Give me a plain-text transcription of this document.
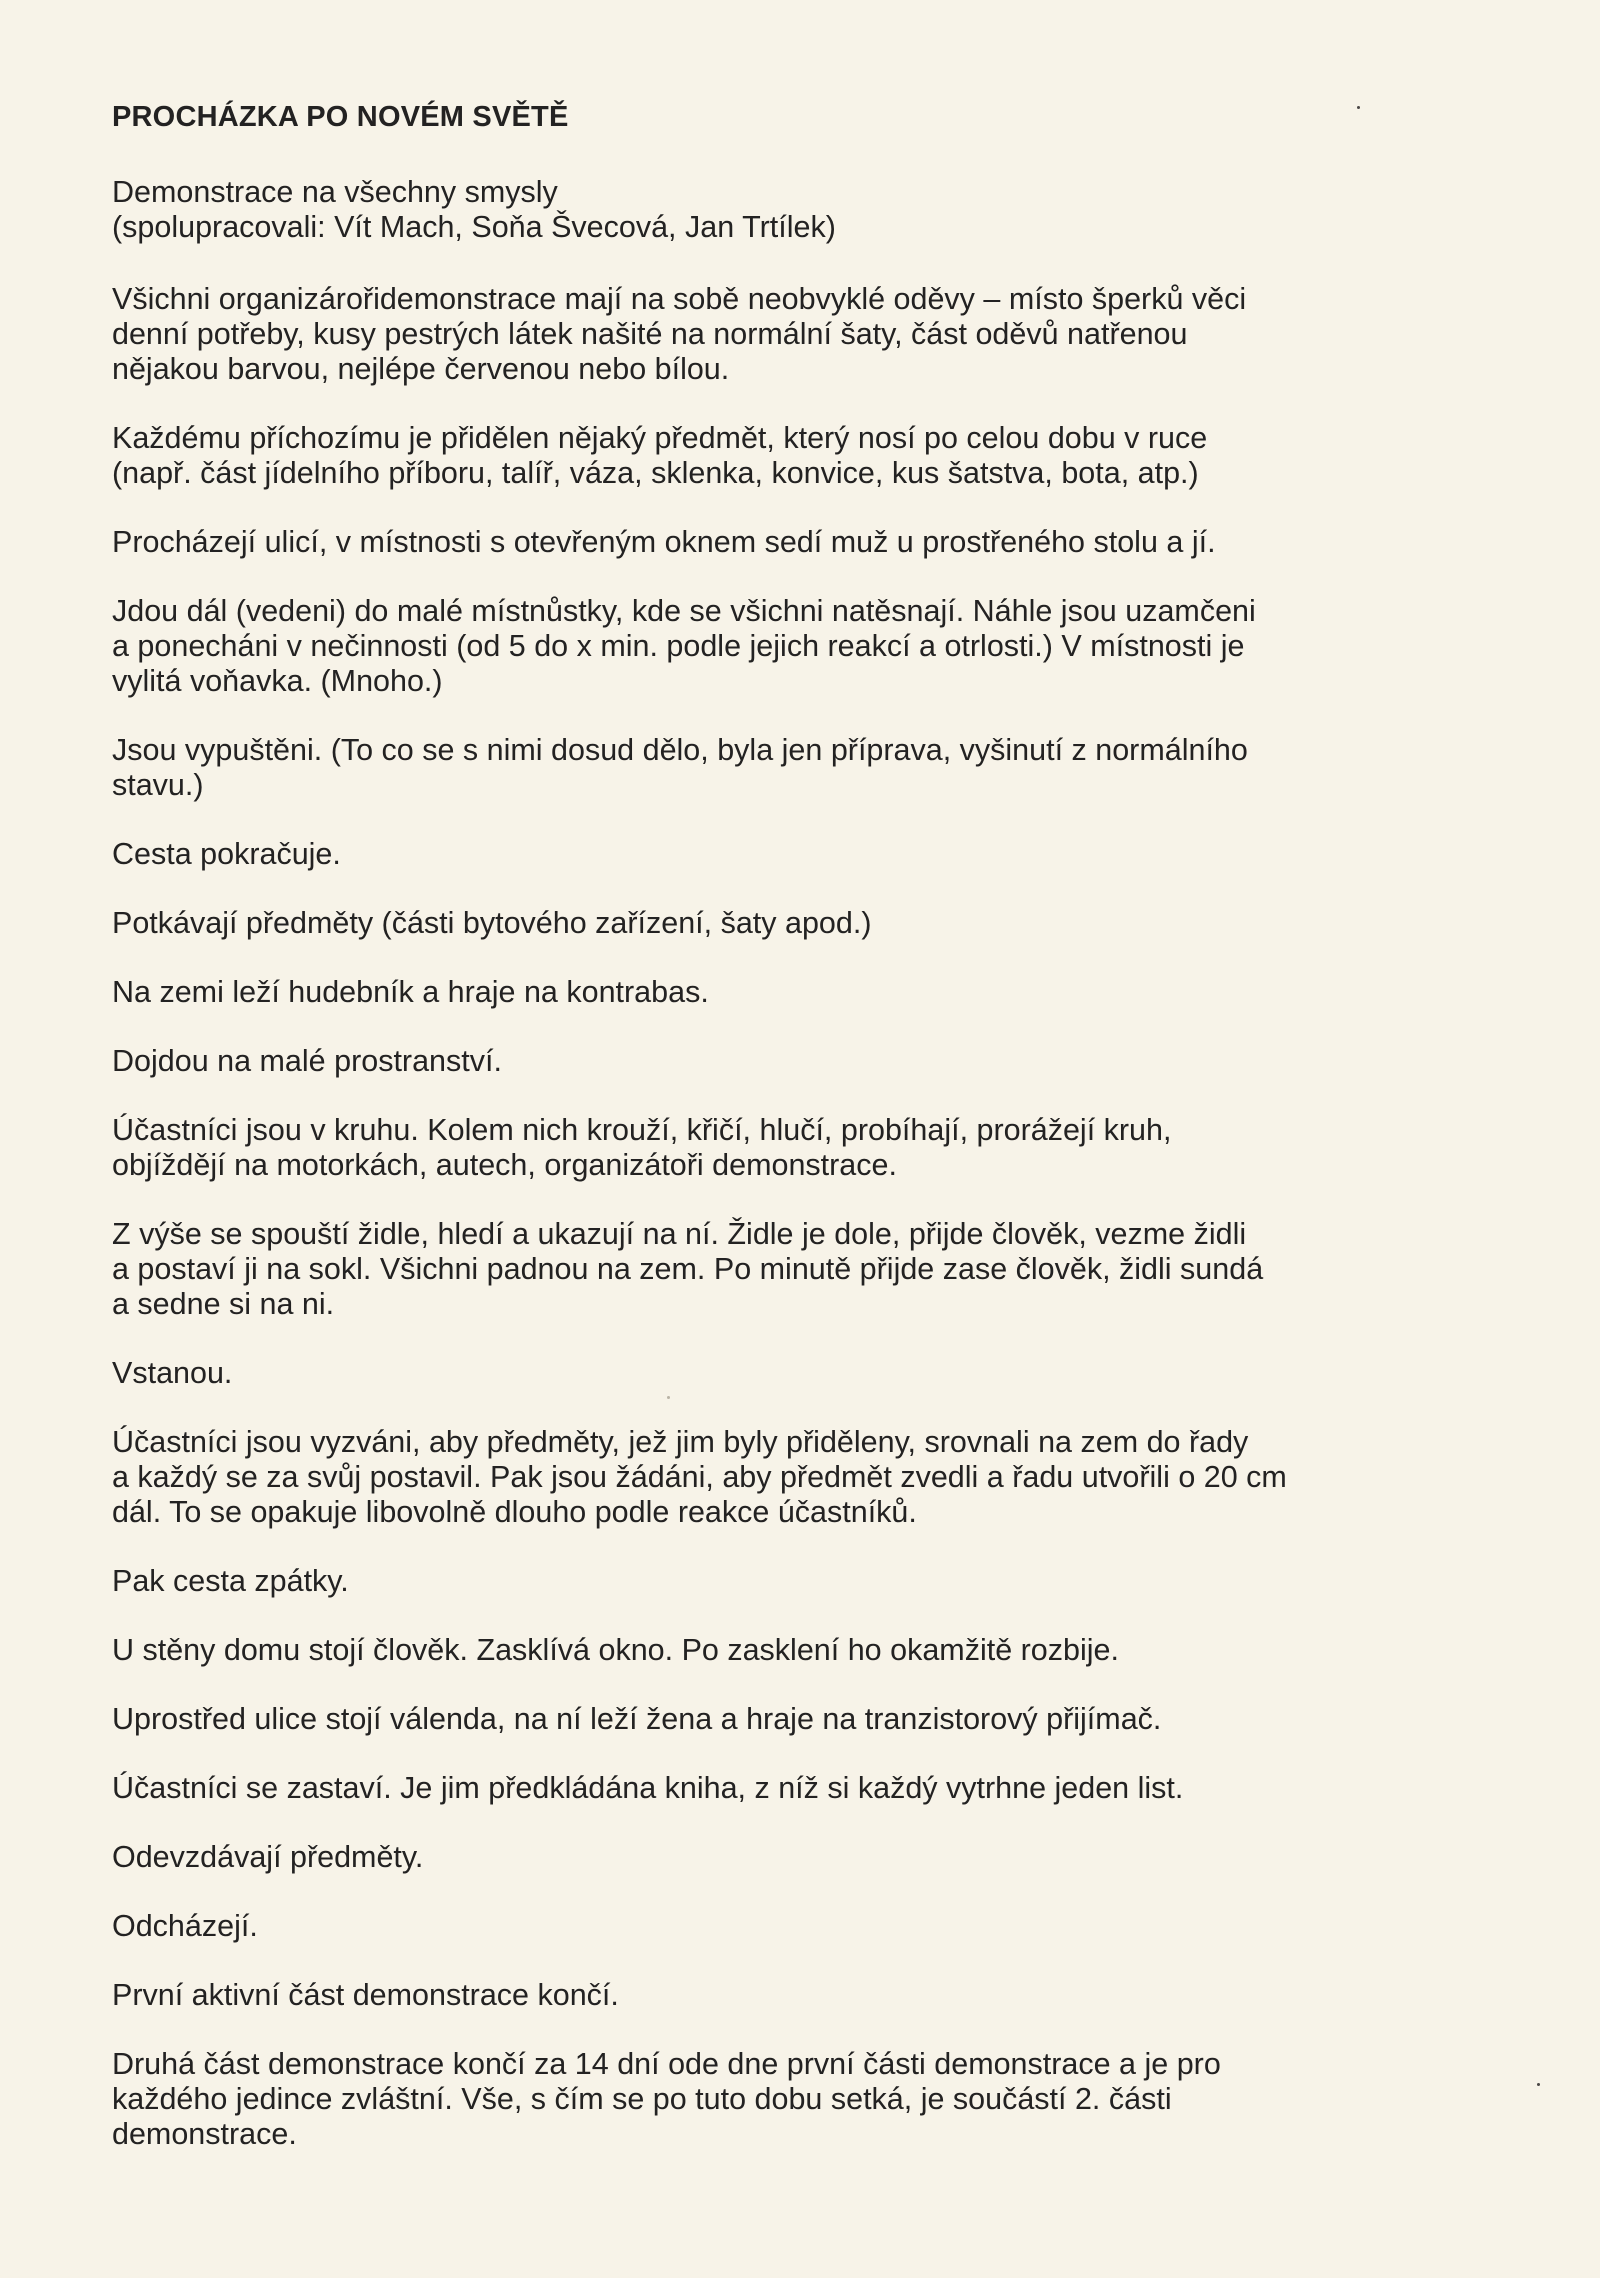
PROCHÁZKA PO NOVÉM SVĚTĚ
Demonstrace na všechny smysly
(spolupracovali: Vít Mach, Soňa Švecová, Jan Trtílek)
Všichni organizárořidemonstrace mají na sobě neobvyklé oděvy – místo šperků věci
denní potřeby, kusy pestrých látek našité na normální šaty, část oděvů natřenou
nějakou barvou, nejlépe červenou nebo bílou.
Každému příchozímu je přidělen nějaký předmět, který nosí po celou dobu v ruce
(např. část jídelního příboru, talíř, váza, sklenka, konvice, kus šatstva, bota, atp.)
Procházejí ulicí, v místnosti s otevřeným oknem sedí muž u prostřeného stolu a jí.
Jdou dál (vedeni) do malé místnůstky, kde se všichni natěsnají. Náhle jsou uzamčeni
a ponecháni v nečinnosti (od 5 do x min. podle jejich reakcí a otrlosti.) V místnosti je
vylitá voňavka. (Mnoho.)
Jsou vypuštěni. (To co se s nimi dosud dělo, byla jen příprava, vyšinutí z normálního
stavu.)
Cesta pokračuje.
Potkávají předměty (části bytového zařízení, šaty apod.)
Na zemi leží hudebník a hraje na kontrabas.
Dojdou na malé prostranství.
Účastníci jsou v kruhu. Kolem nich krouží, křičí, hlučí, probíhají, prorážejí kruh,
objíždějí na motorkách, autech, organizátoři demonstrace.
Z výše se spouští židle, hledí a ukazují na ní. Židle je dole, přijde člověk, vezme židli
a postaví ji na sokl. Všichni padnou na zem. Po minutě přijde zase člověk, židli sundá
a sedne si na ni.
Vstanou.
Účastníci jsou vyzváni, aby předměty, jež jim byly přiděleny, srovnali na zem do řady
a každý se za svůj postavil. Pak jsou žádáni, aby předmět zvedli a řadu utvořili o 20 cm
dál. To se opakuje libovolně dlouho podle reakce účastníků.
Pak cesta zpátky.
U stěny domu stojí člověk. Zasklívá okno. Po zasklení ho okamžitě rozbije.
Uprostřed ulice stojí válenda, na ní leží žena a hraje na tranzistorový přijímač.
Účastníci se zastaví. Je jim předkládána kniha, z níž si každý vytrhne jeden list.
Odevzdávají předměty.
Odcházejí.
První aktivní část demonstrace končí.
Druhá část demonstrace končí za 14 dní ode dne první části demonstrace a je pro
každého jedince zvláštní. Vše, s čím se po tuto dobu setká, je součástí 2. části
demonstrace.
